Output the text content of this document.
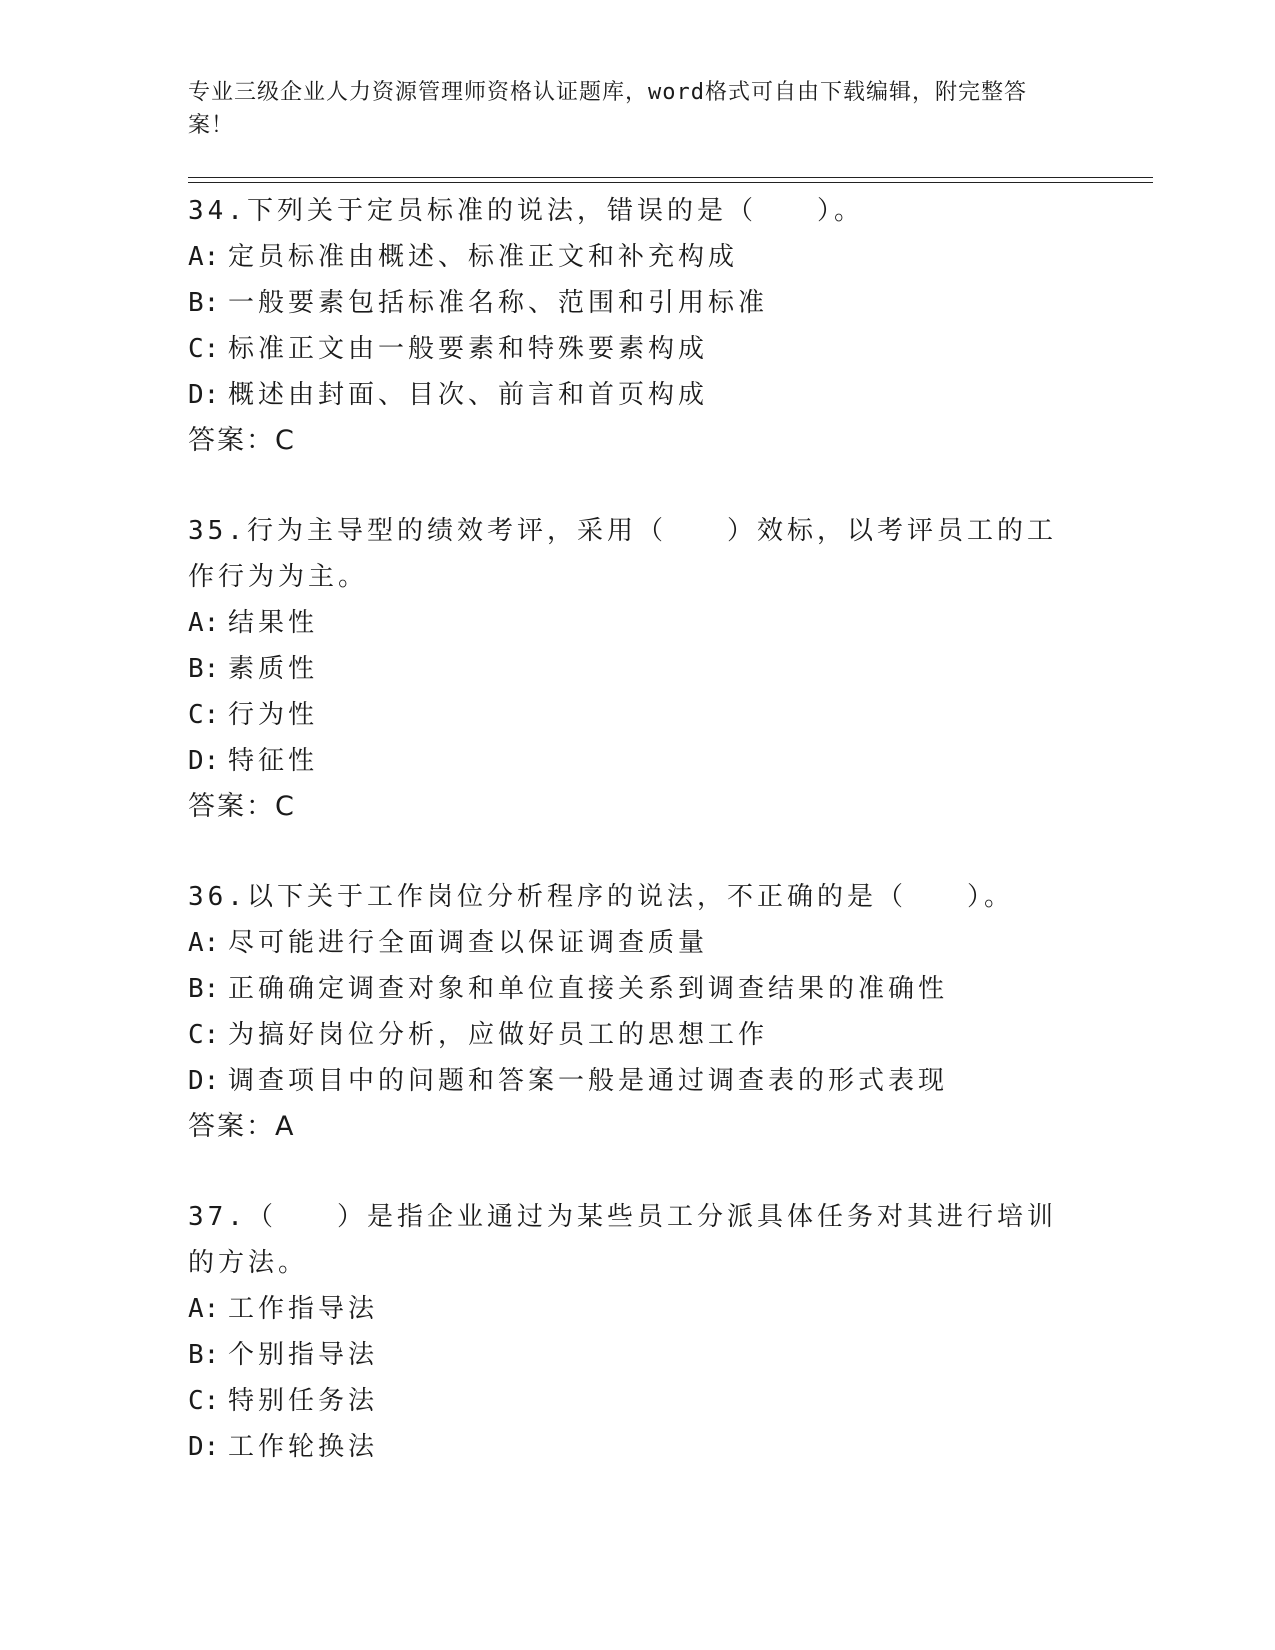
专业三级企业人力资源管理师资格认证题库，word格式可自由下载编辑，附完整答案！
34.下列关于定员标准的说法，错误的是（　　）。
A: 定员标准由概述、标准正文和补充构成
B: 一般要素包括标准名称、范围和引用标准
C: 标准正文由一般要素和特殊要素构成
D: 概述由封面、目次、前言和首页构成
答案：C
35.行为主导型的绩效考评，采用（　　）效标，以考评员工的工作行为为主。
A: 结果性
B: 素质性
C: 行为性
D: 特征性
答案：C
36.以下关于工作岗位分析程序的说法，不正确的是（　　）。
A: 尽可能进行全面调查以保证调查质量
B: 正确确定调查对象和单位直接关系到调查结果的准确性
C: 为搞好岗位分析，应做好员工的思想工作
D: 调查项目中的问题和答案一般是通过调查表的形式表现
答案：A
37.（　　）是指企业通过为某些员工分派具体任务对其进行培训的方法。
A: 工作指导法
B: 个别指导法
C: 特别任务法
D: 工作轮换法
